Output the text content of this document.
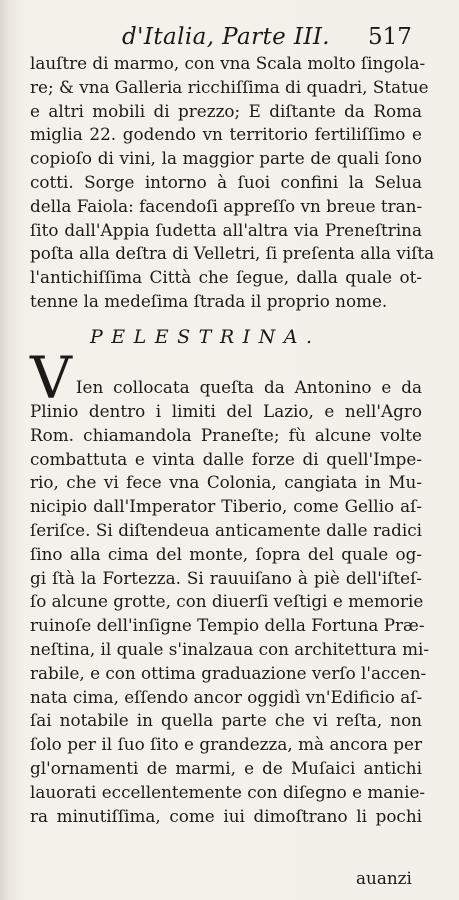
d'Italia, Parte III. 517
lauſtre di marmo, con vna Scala molto ſingola-
re; & vna Galleria ricchiſſima di quadri, Statue
e altri mobili di prezzo; E diſtante da Roma
miglia 22. godendo vn territorio fertiliſſimo e
copioſo di vini, la maggior parte de quali ſono
cotti. Sorge intorno à ſuoi confini la Selua
della Faiola: facendoſi appreſſo vn breue tran-
ſito dall'Appia ſudetta all'altra via Preneſtrina
poſta alla deſtra di Velletri, ſi preſenta alla viſta
l'antichiſſima Città che ſegue, dalla quale ot-
tenne la medeſima ſtrada il proprio nome.
PELESTRINA.
V Ien collocata queſta da Antonino e da
Plinio dentro i limiti del Lazio, e nell'Agro
Rom. chiamandola Praneſte; fù alcune volte
combattuta e vinta dalle forze di quell'Impe-
rio, che vi fece vna Colonia, cangiata in Mu-
nicipio dall'Imperator Tiberio, come Gellio aſ-
ſeriſce. Si diſtendeua anticamente dalle radici
ſino alla cima del monte, ſopra del quale og-
gi ſtà la Fortezza. Si rauuiſano à piè dell'iſteſ-
ſo alcune grotte, con diuerſi veſtigi e memorie
ruinoſe dell'inſigne Tempio della Fortuna Præ-
neſtina, il quale s'inalzaua con architettura mi-
rabile, e con ottima graduazione verſo l'accen-
nata cima, eſſendo ancor oggidì vn'Edificio aſ-
ſai notabile in quella parte che vi reſta, non
ſolo per il ſuo ſito e grandezza, mà ancora per
gl'ornamenti de marmi, e de Muſaici antichi
lauorati eccellentemente con diſegno e manie-
ra minutiſſima, come iui dimoſtrano li pochi
auanzi
